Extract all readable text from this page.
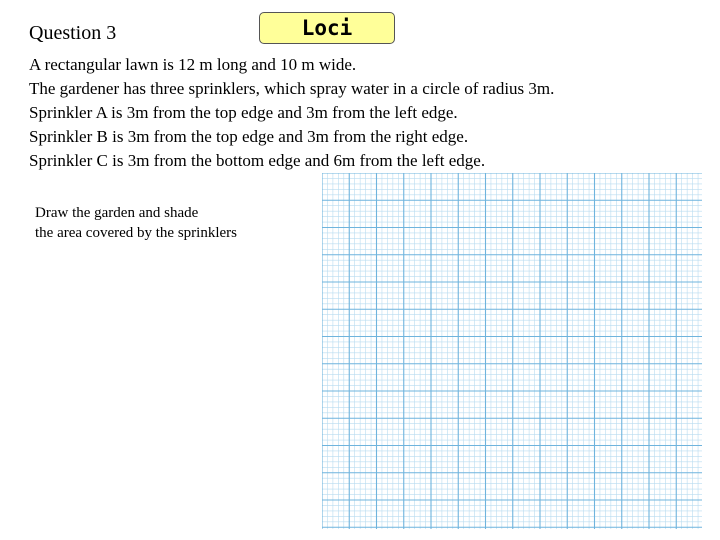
Question 3	Loci
A rectangular lawn is 12 m long and 10 m wide.
The gardener has three sprinklers, which spray water in a circle of radius 3m.
Sprinkler A is 3m from the top edge and 3m from the left edge.
Sprinkler B is 3m from the top edge and 3m from the right edge.
Sprinkler C is 3m from the bottom edge and 6m from the left edge.
Draw the garden and shade
the area covered by the sprinklers
